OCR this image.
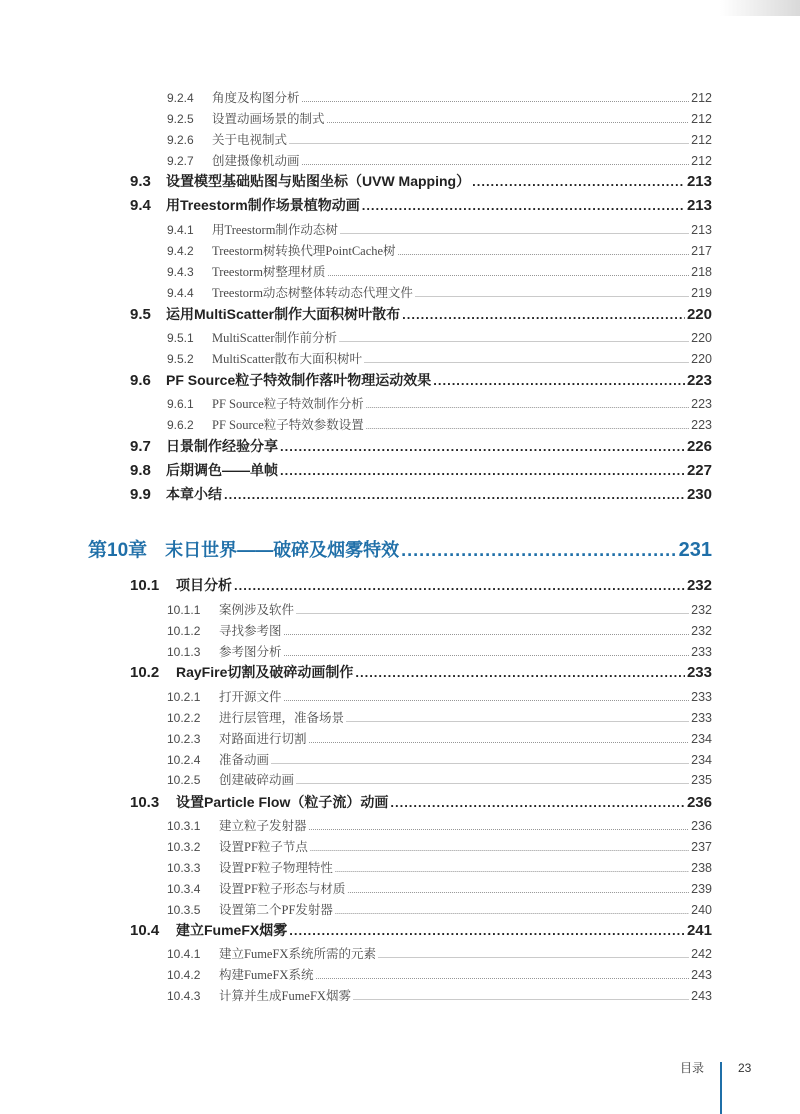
9.2.4	角度及构图分析 .....	212
9.2.5	设置动画场景的制式 .....	212
9.2.6	关于电视制式 .....	212
9.2.7	创建摄像机动画 .....	212
9.3	设置模型基础贴图与贴图坐标（UVW Mapping） .....	213
9.4	用Treestorm制作场景植物动画 .....	213
9.4.1	用Treestorm制作动态树 .....	213
9.4.2	Treestorm树转换代理PointCache树 .....	217
9.4.3	Treestorm树整理材质 .....	218
9.4.4	Treestorm动态树整体转动态代理文件 .....	219
9.5	运用MultiScatter制作大面积树叶散布 .....	220
9.5.1	MultiScatter制作前分析 .....	220
9.5.2	MultiScatter散布大面积树叶 .....	220
9.6	PF Source粒子特效制作落叶物理运动效果 .....	223
9.6.1	PF Source粒子特效制作分析 .....	223
9.6.2	PF Source粒子特效参数设置 .....	223
9.7	日景制作经验分享 .....	226
9.8	后期调色——单帧 .....	227
9.9	本章小结 .....	230
第10章 末日世界——破碎及烟雾特效 .....	231
10.1	项目分析 .....	232
10.1.1	案例涉及软件 .....	232
10.1.2	寻找参考图 .....	232
10.1.3	参考图分析 .....	233
10.2	RayFire切割及破碎动画制作 .....	233
10.2.1	打开源文件 .....	233
10.2.2	进行层管理，准备场景 .....	233
10.2.3	对路面进行切割 .....	234
10.2.4	准备动画 .....	234
10.2.5	创建破碎动画 .....	235
10.3	设置Particle Flow（粒子流）动画 .....	236
10.3.1	建立粒子发射器 .....	236
10.3.2	设置PF粒子节点 .....	237
10.3.3	设置PF粒子物理特性 .....	238
10.3.4	设置PF粒子形态与材质 .....	239
10.3.5	设置第二个PF发射器 .....	240
10.4	建立FumeFX烟雾 .....	241
10.4.1	建立FumeFX系统所需的元素 .....	242
10.4.2	构建FumeFX系统 .....	243
10.4.3	计算并生成FumeFX烟雾 .....	243
目录	23
